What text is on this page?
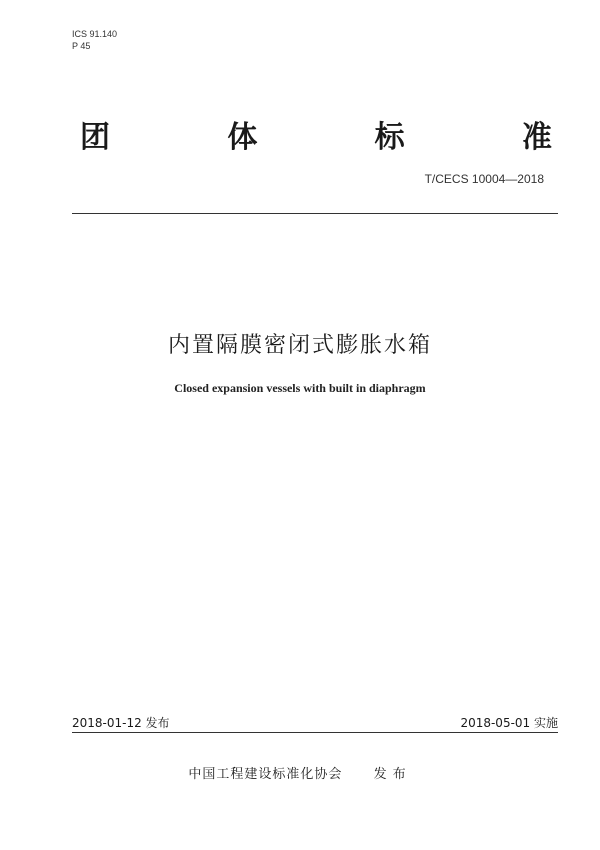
ICS 91.140
P 45
团	体	标	准
T/CECS 10004—2018
内置隔膜密闭式膨胀水箱
Closed expansion vessels with built in diaphragm
2018-01-12 发布	2018-05-01 实施
中国工程建设标准化协会 发布
